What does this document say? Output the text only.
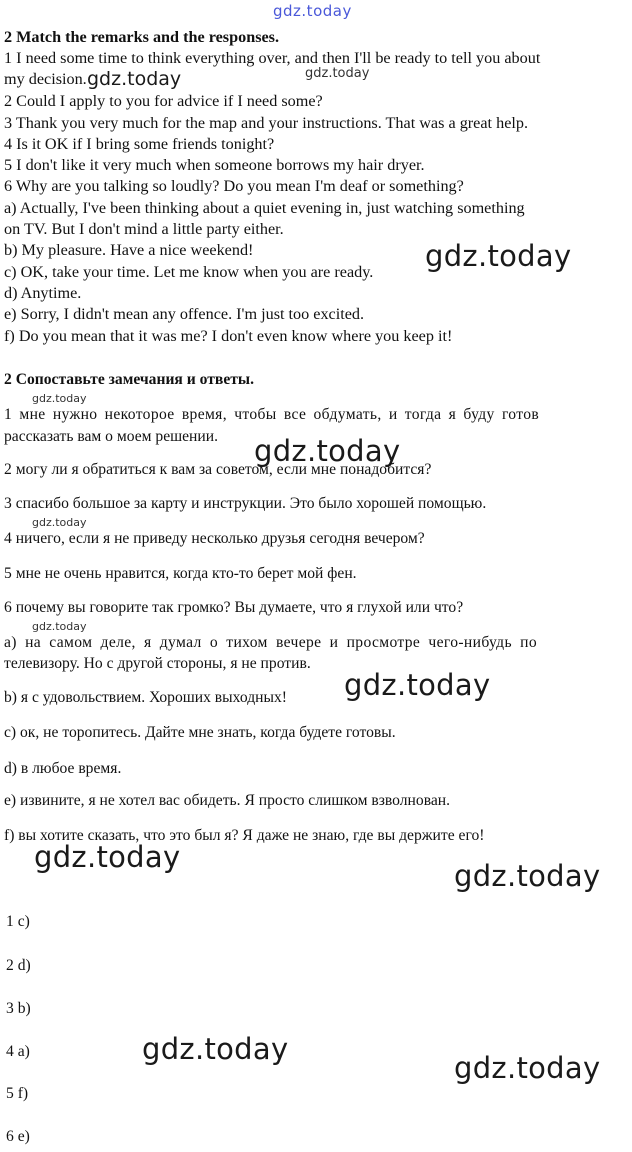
gdz.today
2 Match the remarks and the responses.
1 I need some time to think everything over, and then I'll be ready to tell you about
my decision. gdz.today	gdz.today
2 Could I apply to you for advice if I need some?
3 Thank you very much for the map and your instructions. That was a great help.
4 Is it OK if I bring some friends tonight?
5 I don't like it very much when someone borrows my hair dryer.
6 Why are you talking so loudly? Do you mean I'm deaf or something?
a) Actually, I've been thinking about a quiet evening in, just watching something
on TV. But I don't mind a little party either.
b) My pleasure. Have a nice weekend!	gdz.today
c) OK, take your time. Let me know when you are ready.
d) Anytime.
e) Sorry, I didn't mean any offence. I'm just too excited.
f) Do you mean that it was me? I don't even know where you keep it!
2 Сопоставьте замечания и ответы.
gdz.today
1 мне нужно некоторое время, чтобы все обдумать, и тогда я буду готов
рассказать вам о моем решении. gdz.today
2 могу ли я обратиться к вам за советом, если мне понадобится?
3 спасибо большое за карту и инструкции. Это было хорошей помощью.
gdz.today
4 ничего, если я не приведу несколько друзья сегодня вечером?
5 мне не очень нравится, когда кто-то берет мой фен.
6 почему вы говорите так громко? Вы думаете, что я глухой или что?
gdz.today
а) на самом деле, я думал о тихом вечере и просмотре чего-нибудь по
телевизору. Но с другой стороны, я не против.
b) я с удовольствием. Хороших выходных! gdz.today
с) ок, не торопитесь. Дайте мне знать, когда будете готовы.
d) в любое время.
е) извините, я не хотел вас обидеть. Я просто слишком взволнован.
f) вы хотите сказать, что это был я? Я даже не знаю, где вы держите его!
gdz.today
gdz.today
1 c)
2 d)
3 b)
4 a)	gdz.today
gdz.today
5 f)
6 e)
